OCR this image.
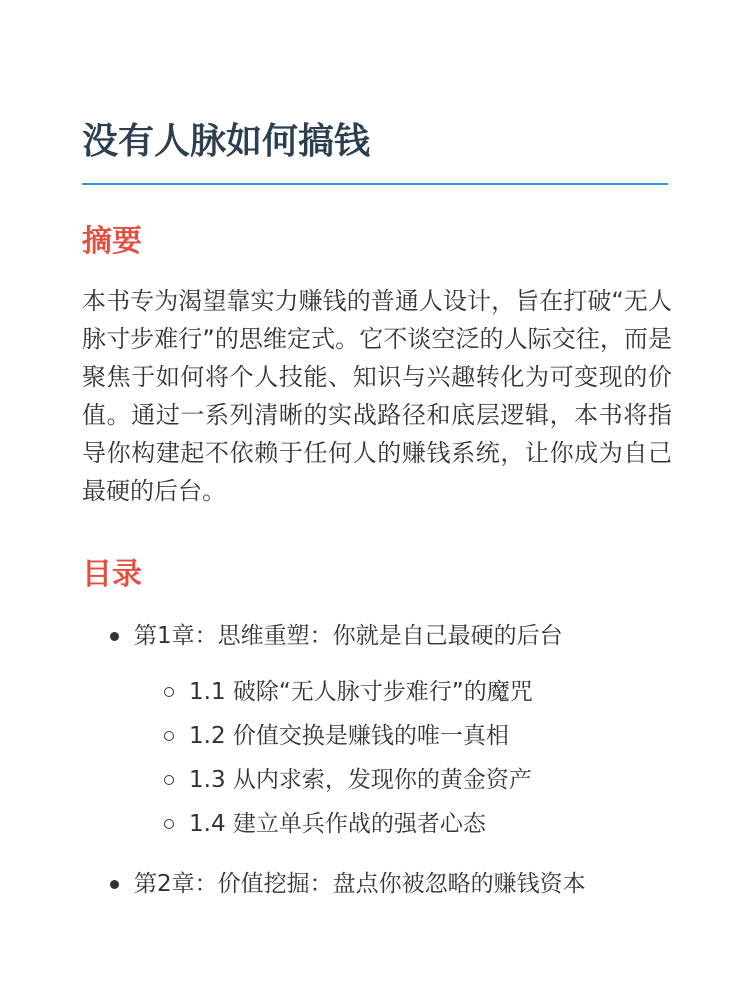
没有人脉如何搞钱
摘要

本书专为渴望靠实力赚钱的普通人设计，旨在打破“无人脉寸步难行”的思维定式。它不谈空泛的人际交往，而是聚焦于如何将个人技能、知识与兴趣转化为可变现的价值。通过一系列清晰的实战路径和底层逻辑，本书将指导你构建起不依赖于任何人的赚钱系统，让你成为自己最硬的后台。

目录
第1章：思维重塑：你就是自己最硬的后台
1.1 破除“无人脉寸步难行”的魔咒
1.2 价值交换是赚钱的唯一真相
1.3 从内求索，发现你的黄金资产
1.4 建立单兵作战的强者心态
第2章：价值挖掘：盘点你被忽略的赚钱资本
